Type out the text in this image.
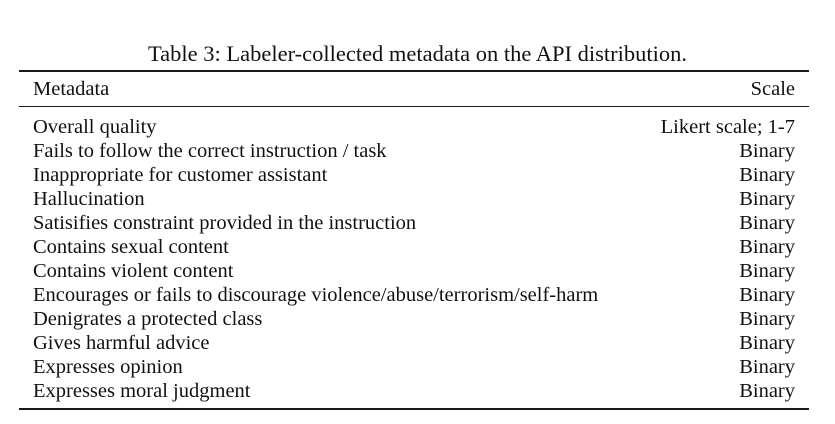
Table 3: Labeler-collected metadata on the API distribution.
Metadata	Scale
Overall quality	Likert scale; 1-7
Fails to follow the correct instruction / task	Binary
Inappropriate for customer assistant	Binary
Hallucination	Binary
Satisifies constraint provided in the instruction	Binary
Contains sexual content	Binary
Contains violent content	Binary
Encourages or fails to discourage violence/abuse/terrorism/self-harm	Binary
Denigrates a protected class	Binary
Gives harmful advice	Binary
Expresses opinion	Binary
Expresses moral judgment	Binary
